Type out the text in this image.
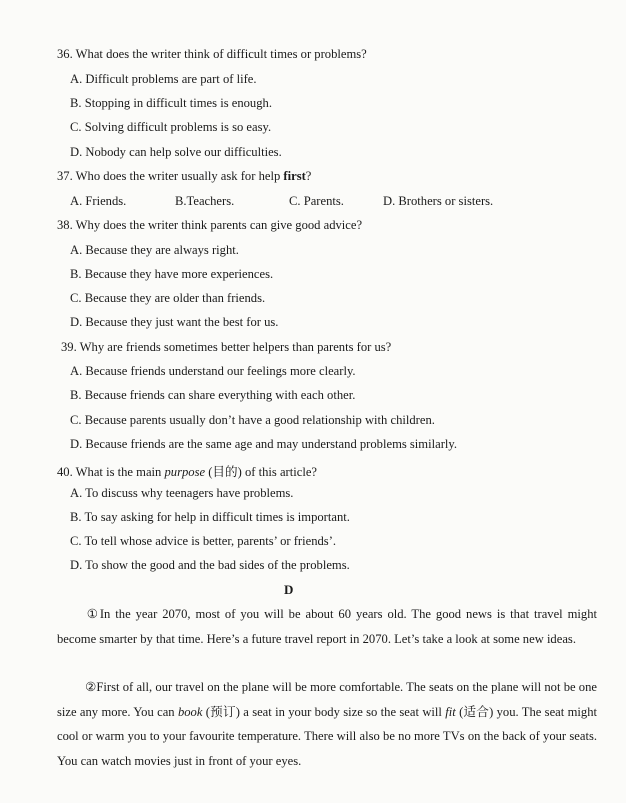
36. What does the writer think of difficult times or problems?
A. Difficult problems are part of life.
B. Stopping in difficult times is enough.
C. Solving difficult problems is so easy.
D. Nobody can help solve our difficulties.
37. Who does the writer usually ask for help first?
A. Friends.	B.Teachers.	C. Parents.	D. Brothers or sisters.
38. Why does the writer think parents can give good advice?
A. Because they are always right.
B. Because they have more experiences.
C. Because they are older than friends.
D. Because they just want the best for us.
39. Why are friends sometimes better helpers than parents for us?
A. Because friends understand our feelings more clearly.
B. Because friends can share everything with each other.
C. Because parents usually don’t have a good relationship with children.
D. Because friends are the same age and may understand problems similarly.
40. What is the main purpose (目的) of this article?
A. To discuss why teenagers have problems.
B. To say asking for help in difficult times is important.
C. To tell whose advice is better, parents’ or friends’.
D. To show the good and the bad sides of the problems.
D
①In the year 2070, most of you will be about 60 years old. The good news is that travel might become smarter by that time. Here’s a future travel report in 2070. Let’s take a look at some new ideas.
②First of all, our travel on the plane will be more comfortable. The seats on the plane will not be one size any more. You can book (预订) a seat in your body size so the seat will fit (适合) you. The seat might cool or warm you to your favourite temperature. There will also be no more TVs on the back of your seats. You can watch movies just in front of your eyes.
